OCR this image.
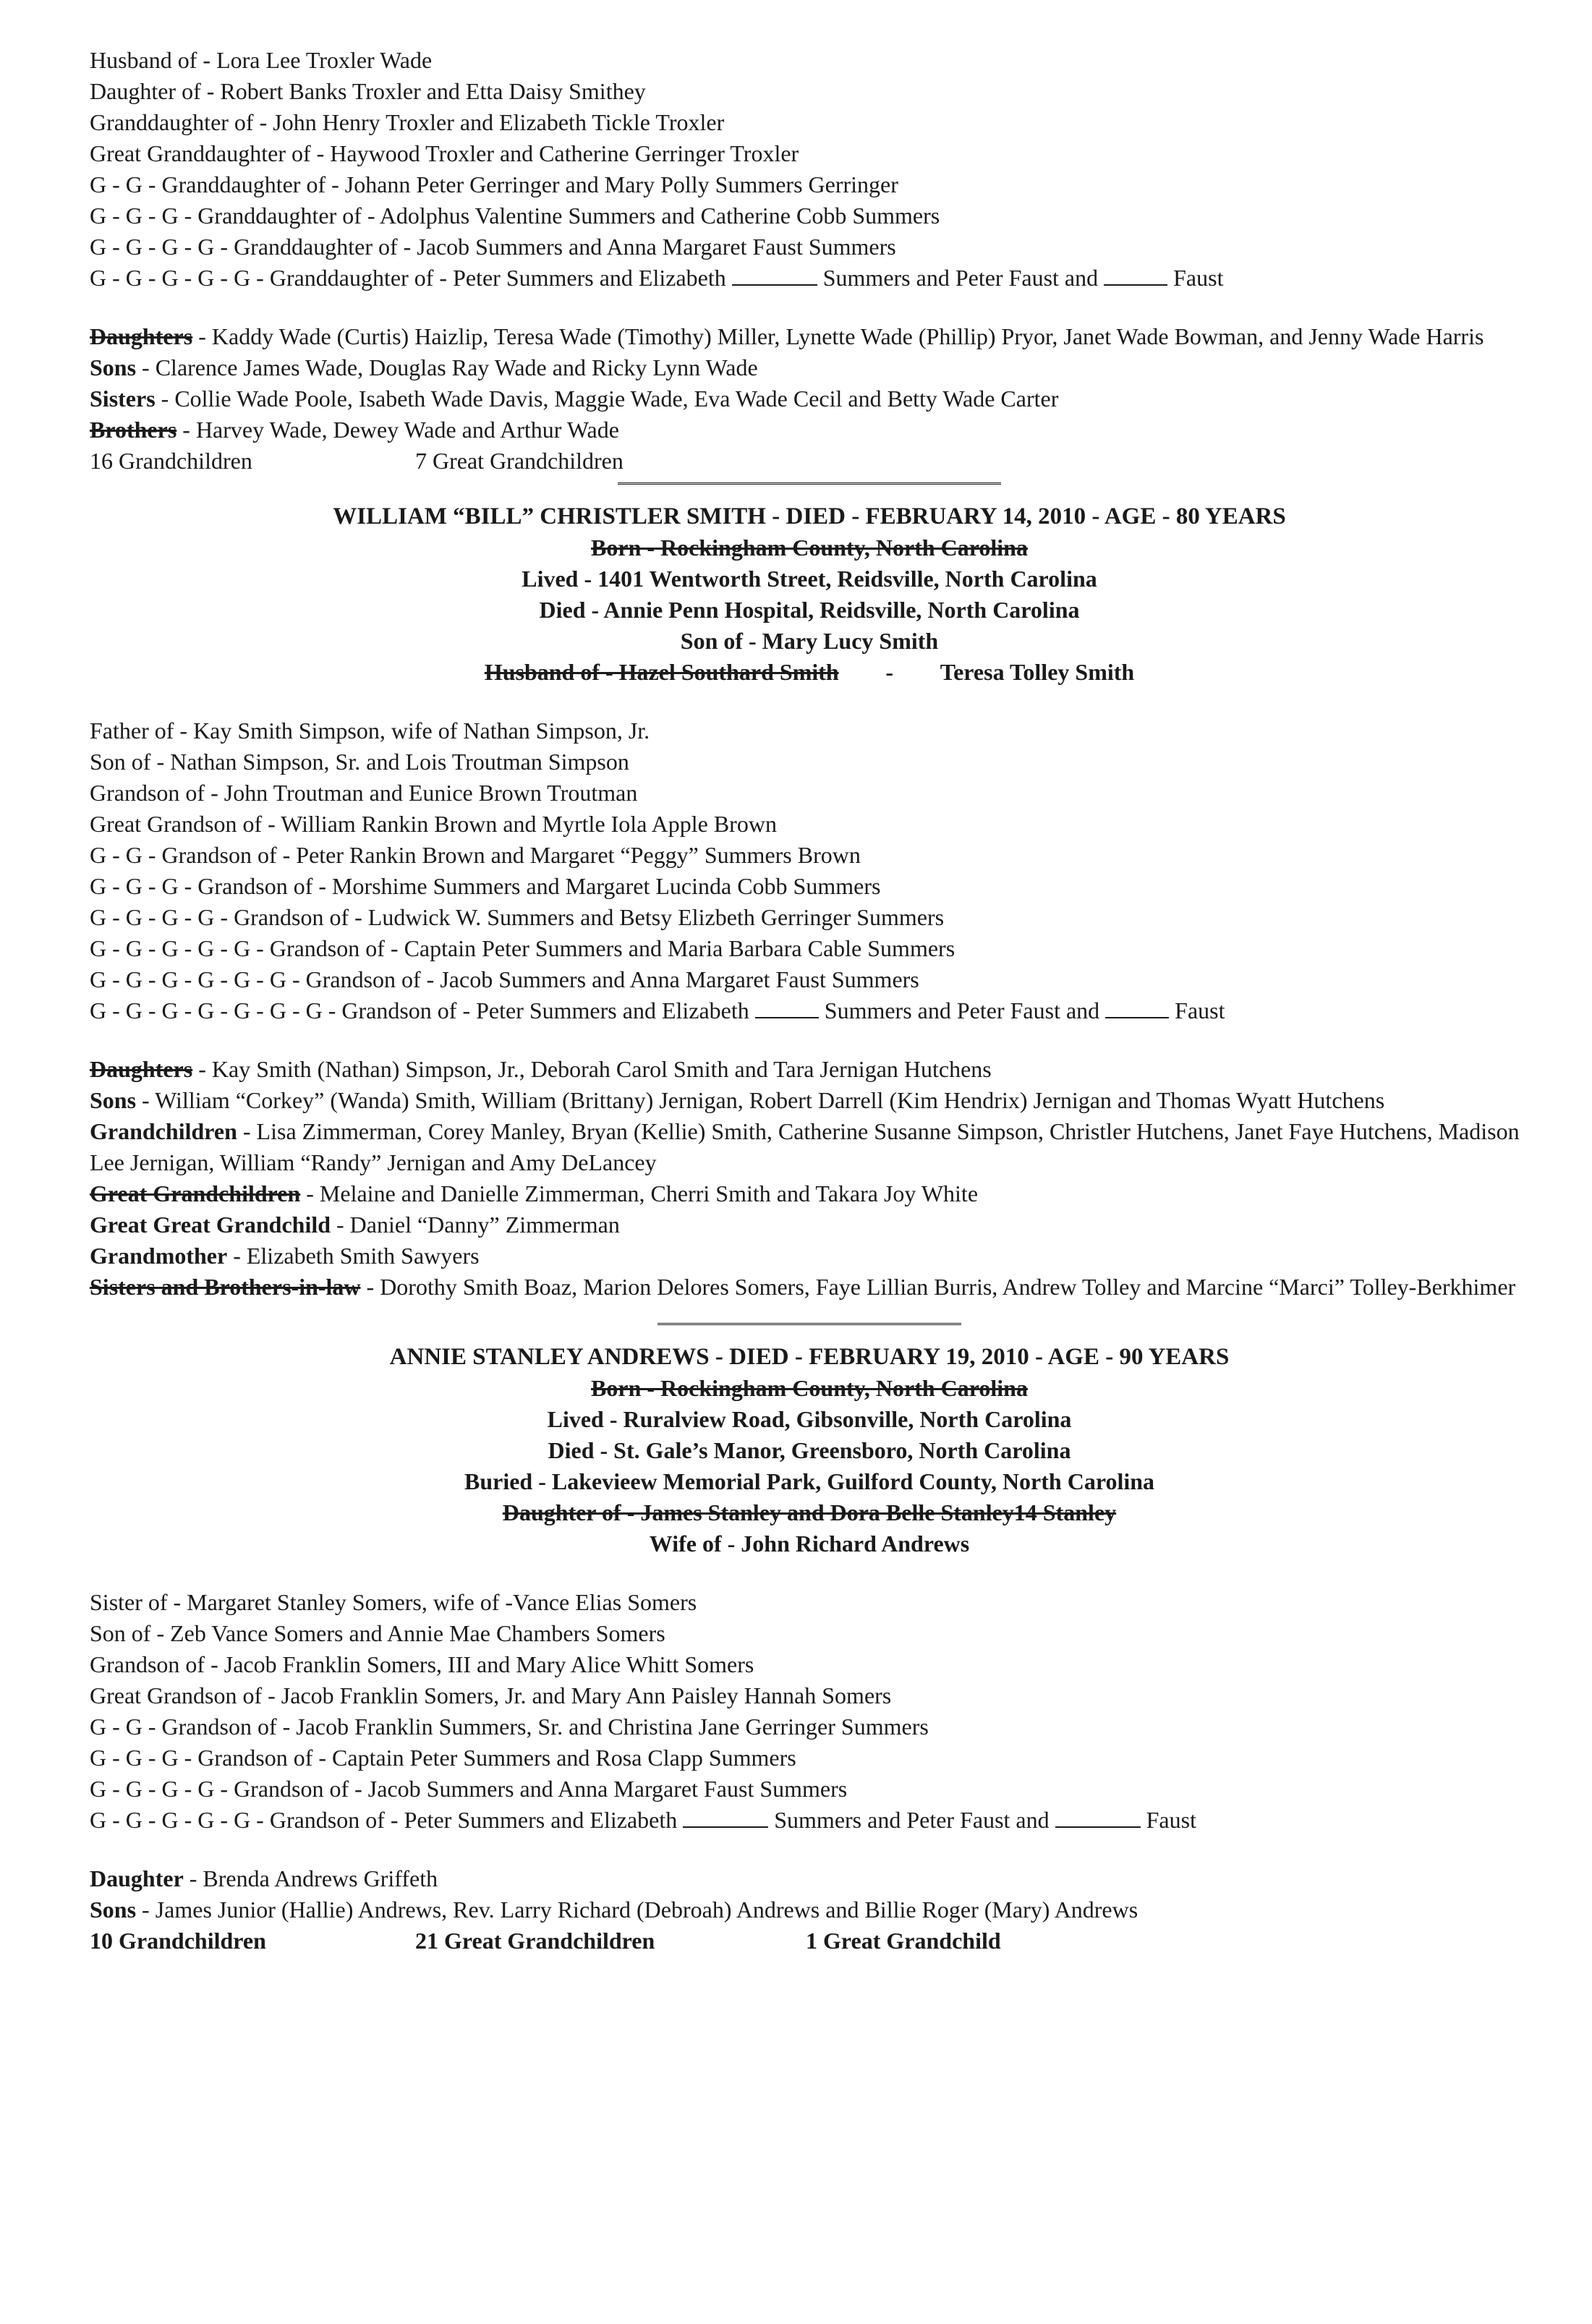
Husband of - Lora Lee Troxler Wade
Daughter of - Robert Banks Troxler and Etta Daisy Smithey
Granddaughter of - John Henry Troxler and Elizabeth Tickle Troxler
Great Granddaughter of - Haywood Troxler and Catherine Gerringer Troxler
G - G - Granddaughter of - Johann Peter Gerringer and Mary Polly Summers Gerringer
G - G - G - Granddaughter of - Adolphus Valentine Summers and Catherine Cobb Summers
G - G - G - G - Granddaughter of - Jacob Summers and Anna Margaret Faust Summers
G - G - G - G - G - Granddaughter of - Peter Summers and Elizabeth	Summers and Peter Faust and	Faust
Daughters - Kaddy Wade (Curtis) Haizlip, Teresa Wade (Timothy) Miller, Lynette Wade (Phillip) Pryor, Janet Wade Bowman, and Jenny Wade Harris
Sons - Clarence James Wade, Douglas Ray Wade and Ricky Lynn Wade
Sisters - Collie Wade Poole, Isabeth Wade Davis, Maggie Wade, Eva Wade Cecil and Betty Wade Carter
Brothers - Harvey Wade, Dewey Wade and Arthur Wade
16 Grandchildren	7 Great Grandchildren
WILLIAM “BILL” CHRISTLER SMITH - DIED - FEBRUARY 14, 2010 - AGE - 80 YEARS
Born - Rockingham County, North Carolina
Lived - 1401 Wentworth Street, Reidsville, North Carolina
Died - Annie Penn Hospital, Reidsville, North Carolina
Son of - Mary Lucy Smith
Husband of - Hazel Southard Smith	-	Teresa Tolley Smith
Father of - Kay Smith Simpson, wife of Nathan Simpson, Jr.
Son of - Nathan Simpson, Sr. and Lois Troutman Simpson
Grandson of - John Troutman and Eunice Brown Troutman
Great Grandson of - William Rankin Brown and Myrtle Iola Apple Brown
G - G - Grandson of - Peter Rankin Brown and Margaret “Peggy” Summers Brown
G - G - G - Grandson of - Morshime Summers and Margaret Lucinda Cobb Summers
G - G - G - G - Grandson of - Ludwick W. Summers and Betsy Elizbeth Gerringer Summers
G - G - G - G - G - Grandson of - Captain Peter Summers and Maria Barbara Cable Summers
G - G - G - G - G - G - Grandson of - Jacob Summers and Anna Margaret Faust Summers
G - G - G - G - G - G - G - Grandson of - Peter Summers and Elizabeth	Summers and Peter Faust and	Faust
Daughters - Kay Smith (Nathan) Simpson, Jr., Deborah Carol Smith and Tara Jernigan Hutchens
Sons - William “Corkey” (Wanda) Smith, William (Brittany) Jernigan, Robert Darrell (Kim Hendrix) Jernigan and Thomas Wyatt Hutchens
Grandchildren - Lisa Zimmerman, Corey Manley, Bryan (Kellie) Smith, Catherine Susanne Simpson, Christler Hutchens, Janet Faye Hutchens, Madison Lee Jernigan, William “Randy” Jernigan and Amy DeLancey
Great Grandchildren - Melaine and Danielle Zimmerman, Cherri Smith and Takara Joy White
Great Great Grandchild - Daniel “Danny” Zimmerman
Grandmother - Elizabeth Smith Sawyers
Sisters and Brothers-in-law - Dorothy Smith Boaz, Marion Delores Somers, Faye Lillian Burris, Andrew Tolley and Marcine “Marci” Tolley-Berkhimer
ANNIE STANLEY ANDREWS - DIED - FEBRUARY 19, 2010 - AGE - 90 YEARS
Born - Rockingham County, North Carolina
Lived - Ruralview Road, Gibsonville, North Carolina
Died - St. Gale’s Manor, Greensboro, North Carolina
Buried - Lakevieew Memorial Park, Guilford County, North Carolina
Daughter of - James Stanley and Dora Belle Stanley14 Stanley
Wife of - John Richard Andrews
Sister of - Margaret Stanley Somers, wife of -Vance Elias Somers
Son of - Zeb Vance Somers and Annie Mae Chambers Somers
Grandson of - Jacob Franklin Somers, III and Mary Alice Whitt Somers
Great Grandson of - Jacob Franklin Somers, Jr. and Mary Ann Paisley Hannah Somers
G - G - Grandson of - Jacob Franklin Summers, Sr. and Christina Jane Gerringer Summers
G - G - G - Grandson of - Captain Peter Summers and Rosa Clapp Summers
G - G - G - G - Grandson of - Jacob Summers and Anna Margaret Faust Summers
G - G - G - G - G - Grandson of - Peter Summers and Elizabeth	Summers and Peter Faust and	Faust
Daughter - Brenda Andrews Griffeth
Sons - James Junior (Hallie) Andrews, Rev. Larry Richard (Debroah) Andrews and Billie Roger (Mary) Andrews
10 Grandchildren	21 Great Grandchildren	1 Great Grandchild
